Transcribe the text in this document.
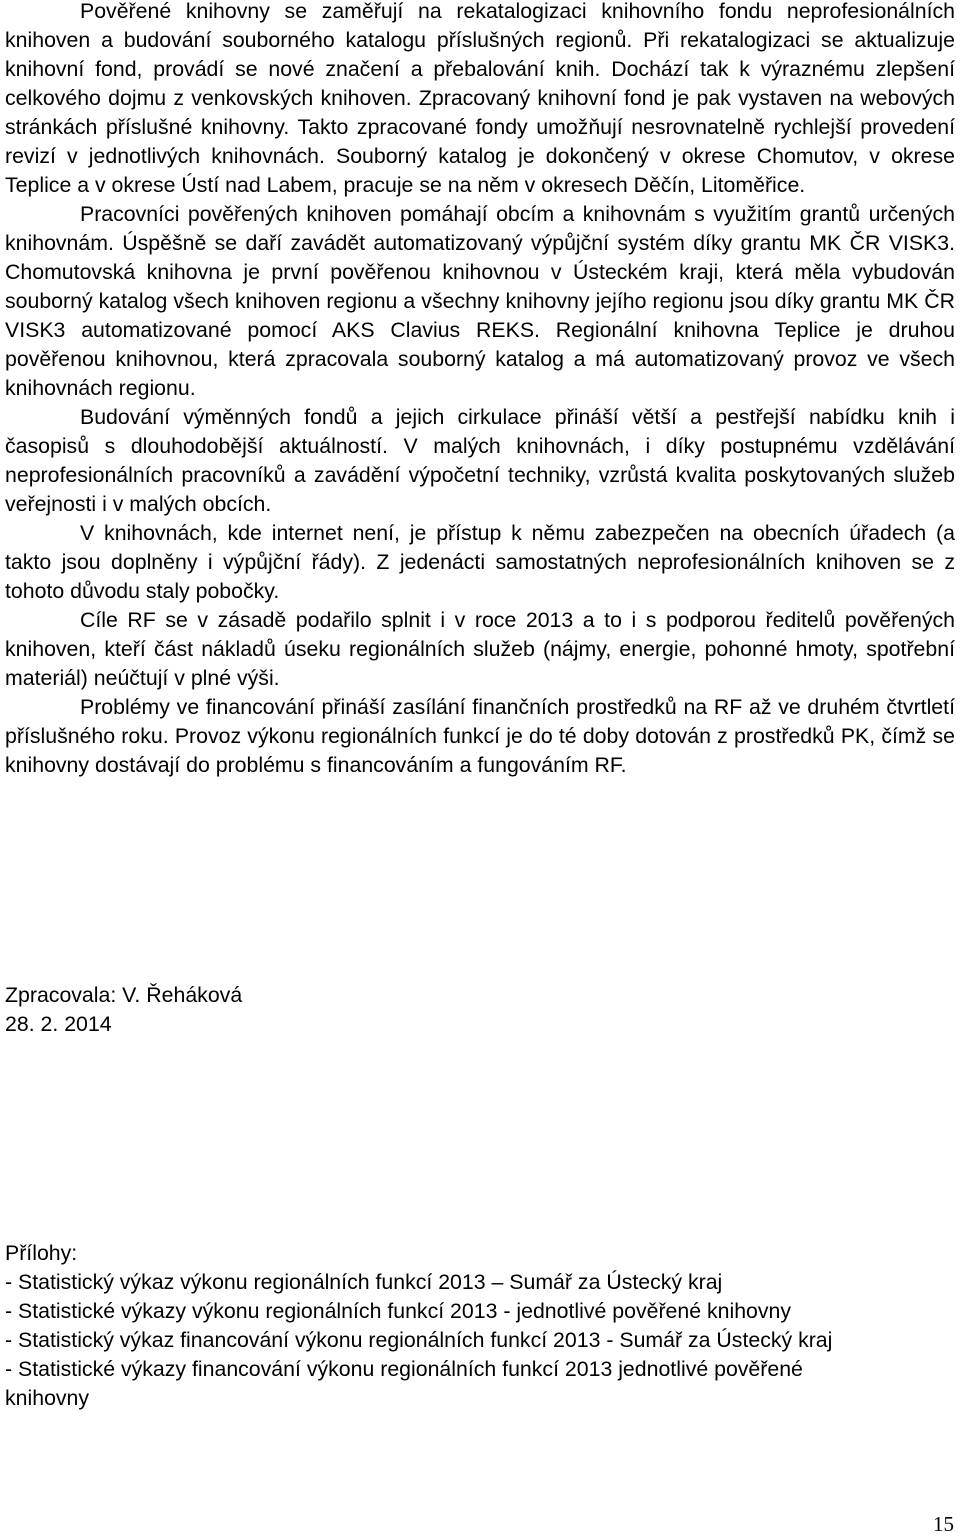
Pověřené knihovny se zaměřují na rekatalogizaci knihovního fondu neprofesionálních knihoven a budování souborného katalogu příslušných regionů. Při rekatalogizaci se aktualizuje knihovní fond, provádí se nové značení a přebalování knih. Dochází tak k výraznému zlepšení celkového dojmu z venkovských knihoven. Zpracovaný knihovní fond je pak vystaven na webových stránkách příslušné knihovny. Takto zpracované fondy umožňují nesrovnatelně rychlejší provedení revizí v jednotlivých knihovnách. Souborný katalog je dokončený v okrese Chomutov, v okrese Teplice a v okrese Ústí nad Labem, pracuje se na něm v okresech Děčín, Litoměřice.

Pracovníci pověřených knihoven pomáhají obcím a knihovnám s využitím grantů určených knihovnám. Úspěšně se daří zavádět automatizovaný výpůjční systém díky grantu MK ČR VISK3. Chomutovská knihovna je první pověřenou knihovnou v Ústeckém kraji, která měla vybudován souborný katalog všech knihoven regionu a všechny knihovny jejího regionu jsou díky grantu MK ČR VISK3 automatizované pomocí AKS Clavius REKS. Regionální knihovna Teplice je druhou pověřenou knihovnou, která zpracovala souborný katalog a má automatizovaný provoz ve všech knihovnách regionu.

Budování výměnných fondů a jejich cirkulace přináší větší a pestřejší nabídku knih i časopisů s dlouhodobější aktuálností. V malých knihovnách, i díky postupnému vzdělávání neprofesionálních pracovníků a zavádění výpočetní techniky, vzrůstá kvalita poskytovaných služeb veřejnosti i v malých obcích.

V knihovnách, kde internet není, je přístup k němu zabezpečen na obecních úřadech (a takto jsou doplněny i výpůjční řády). Z jedenácti samostatných neprofesionálních knihoven se z tohoto důvodu staly pobočky.

Cíle RF se v zásadě podařilo splnit i v roce 2013 a to i s podporou ředitelů pověřených knihoven, kteří část nákladů úseku regionálních služeb (nájmy, energie, pohonné hmoty, spotřební materiál) neúčtují v plné výši.

Problémy ve financování přináší zasílání finančních prostředků na RF až ve druhém čtvrtletí příslušného roku. Provoz výkonu regionálních funkcí je do té doby dotován z prostředků PK, čímž se knihovny dostávají do problému s financováním a fungováním RF.

Zpracovala: V. Řeháková
28. 2. 2014
Přílohy:

- Statistický výkaz výkonu regionálních funkcí 2013 – Sumář za Ústecký kraj

- Statistické výkazy výkonu regionálních funkcí 2013 - jednotlivé pověřené knihovny

- Statistický výkaz financování výkonu regionálních funkcí 2013 - Sumář za Ústecký kraj

- Statistické výkazy financování výkonu regionálních funkcí 2013 jednotlivé pověřené knihovny

15
